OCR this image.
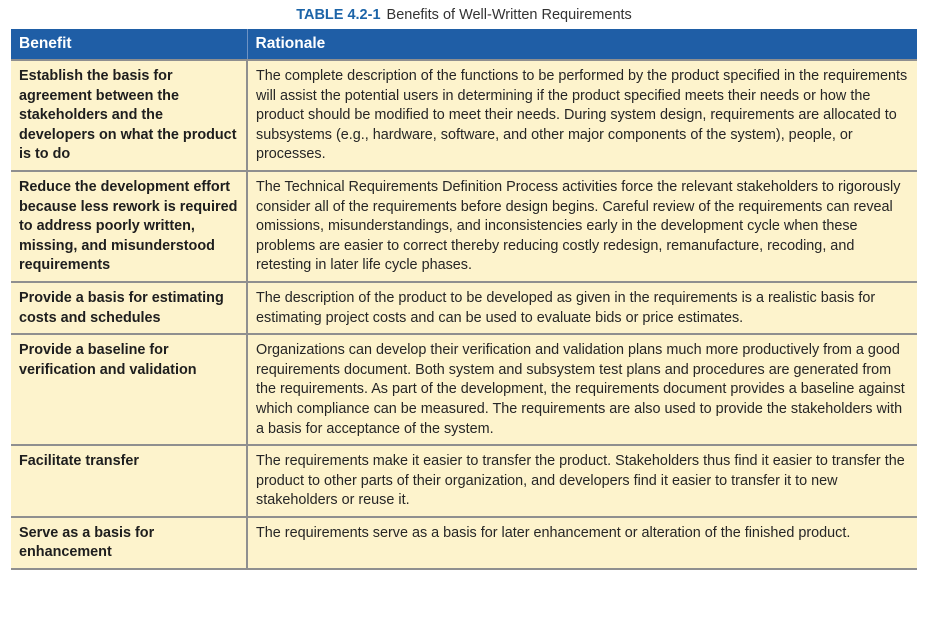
TABLE 4.2-1 Benefits of Well-Written Requirements
Benefit	Rationale
Establish the basis for agreement between the stakeholders and the developers on what the product is to do	The complete description of the functions to be performed by the product specified in the requirements will assist the potential users in determining if the product specified meets their needs or how the product should be modified to meet their needs. During system design, requirements are allocated to subsystems (e.g., hardware, software, and other major components of the system), people, or processes.
Reduce the development effort because less rework is required to address poorly written, missing, and misunderstood requirements	The Technical Requirements Definition Process activities force the relevant stakeholders to rigorously consider all of the requirements before design begins. Careful review of the requirements can reveal omissions, misunderstandings, and inconsistencies early in the development cycle when these problems are easier to correct thereby reducing costly redesign, remanufacture, recoding, and retesting in later life cycle phases.
Provide a basis for estimating costs and schedules	The description of the product to be developed as given in the requirements is a realistic basis for estimating project costs and can be used to evaluate bids or price estimates.
Provide a baseline for verification and validation	Organizations can develop their verification and validation plans much more productively from a good requirements document. Both system and subsystem test plans and procedures are generated from the requirements. As part of the development, the requirements document provides a baseline against which compliance can be measured. The requirements are also used to provide the stakeholders with a basis for acceptance of the system.
Facilitate transfer	The requirements make it easier to transfer the product. Stakeholders thus find it easier to transfer the product to other parts of their organization, and developers find it easier to transfer it to new stakeholders or reuse it.
Serve as a basis for enhancement	The requirements serve as a basis for later enhancement or alteration of the finished product.
